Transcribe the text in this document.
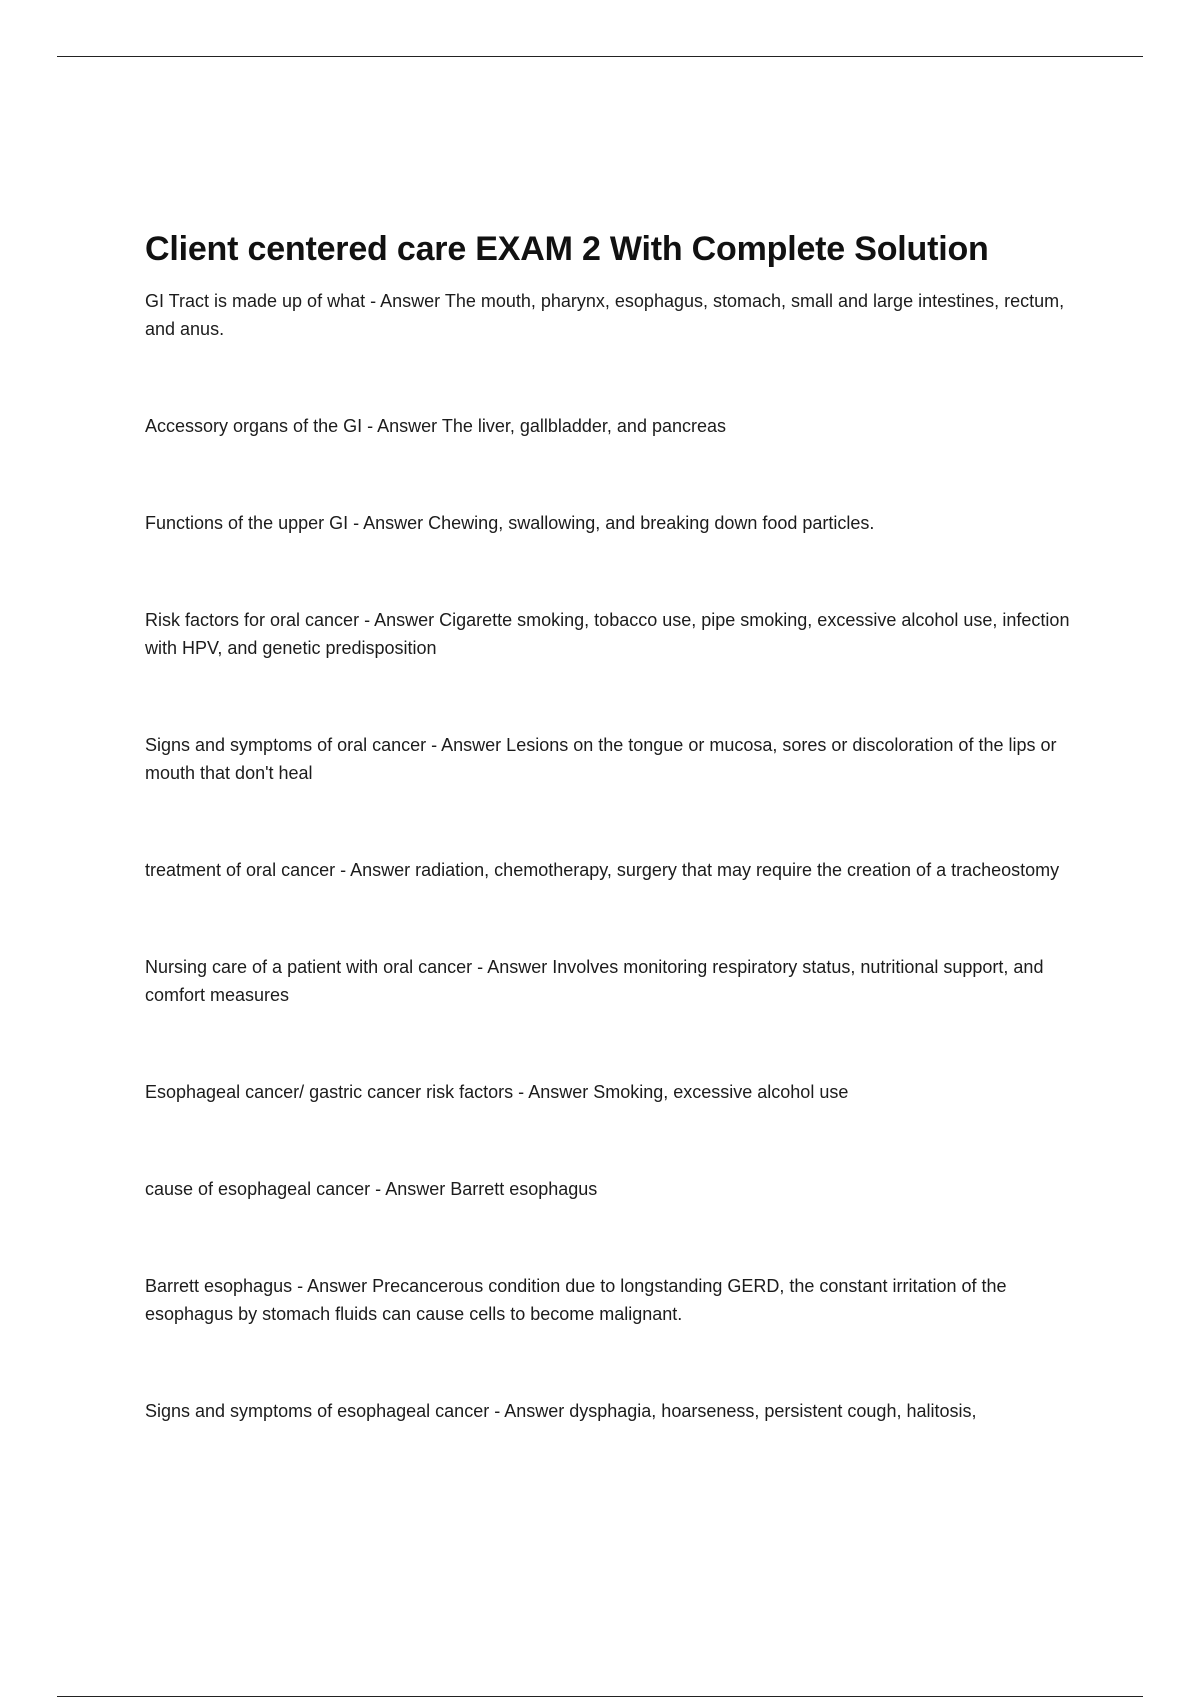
Client centered care EXAM 2 With Complete Solution
GI Tract is made up of what - Answer The mouth, pharynx, esophagus, stomach, small and large intestines, rectum, and anus.
Accessory organs of the GI - Answer The liver, gallbladder, and pancreas
Functions of the upper GI - Answer Chewing, swallowing, and breaking down food particles.
Risk factors for oral cancer - Answer Cigarette smoking, tobacco use, pipe smoking, excessive alcohol use, infection with HPV, and genetic predisposition
Signs and symptoms of oral cancer - Answer Lesions on the tongue or mucosa, sores or discoloration of the lips or mouth that don't heal
treatment of oral cancer - Answer radiation, chemotherapy, surgery that may require the creation of a tracheostomy
Nursing care of a patient with oral cancer - Answer Involves monitoring respiratory status, nutritional support, and comfort measures
Esophageal cancer/ gastric cancer risk factors - Answer Smoking, excessive alcohol use
cause of esophageal cancer - Answer Barrett esophagus
Barrett esophagus - Answer Precancerous condition due to longstanding GERD, the constant irritation of the esophagus by stomach fluids can cause cells to become malignant.
Signs and symptoms of esophageal cancer - Answer dysphagia, hoarseness, persistent cough, halitosis,
